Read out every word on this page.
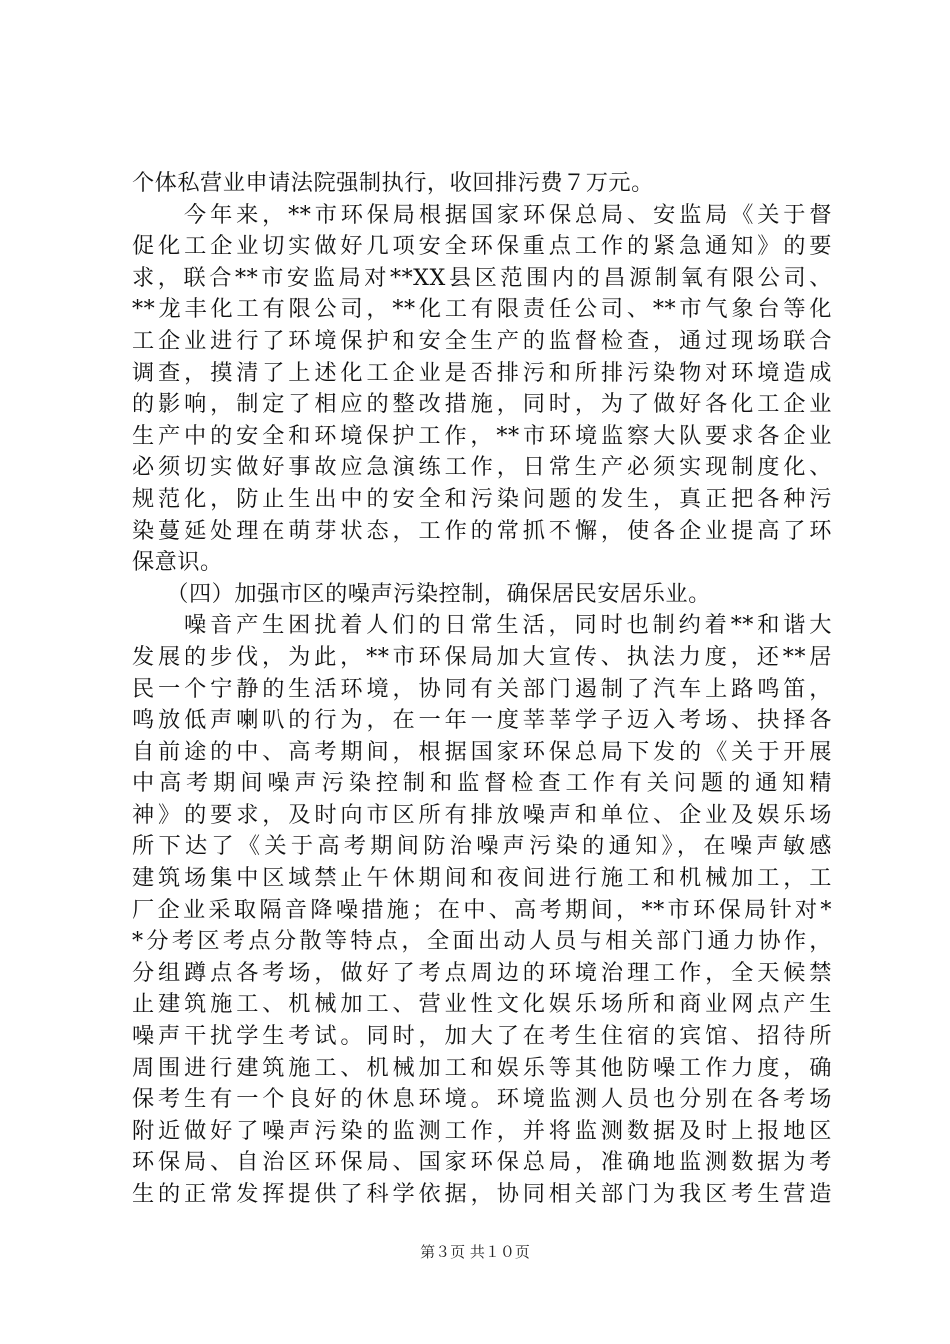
个体私营业申请法院强制执行，收回排污费７万元。
　　今年来，**市环保局根据国家环保总局、安监局《关于督
促化工企业切实做好几项安全环保重点工作的紧急通知》的要
求，联合**市安监局对**XX县区范围内的昌源制氧有限公司、
**龙丰化工有限公司，**化工有限责任公司、**市气象台等化
工企业进行了环境保护和安全生产的监督检查，通过现场联合
调查，摸清了上述化工企业是否排污和所排污染物对环境造成
的影响，制定了相应的整改措施，同时，为了做好各化工企业
生产中的安全和环境保护工作，**市环境监察大队要求各企业
必须切实做好事故应急演练工作，日常生产必须实现制度化、
规范化，防止生出中的安全和污染问题的发生，真正把各种污
染蔓延处理在萌芽状态，工作的常抓不懈，使各企业提高了环
保意识。
　　（四）加强市区的噪声污染控制，确保居民安居乐业。
　　噪音产生困扰着人们的日常生活，同时也制约着**和谐大
发展的步伐，为此，**市环保局加大宣传、执法力度，还**居
民一个宁静的生活环境，协同有关部门遏制了汽车上路鸣笛，
鸣放低声喇叭的行为，在一年一度莘莘学子迈入考场、抉择各
自前途的中、高考期间，根据国家环保总局下发的《关于开展
中高考期间噪声污染控制和监督检查工作有关问题的通知精
神》的要求，及时向市区所有排放噪声和单位、企业及娱乐场
所下达了《关于高考期间防治噪声污染的通知》，在噪声敏感
建筑场集中区域禁止午休期间和夜间进行施工和机械加工，工
厂企业采取隔音降噪措施；在中、高考期间，**市环保局针对*
*分考区考点分散等特点，全面出动人员与相关部门通力协作，
分组蹲点各考场，做好了考点周边的环境治理工作，全天候禁
止建筑施工、机械加工、营业性文化娱乐场所和商业网点产生
噪声干扰学生考试。同时，加大了在考生住宿的宾馆、招待所
周围进行建筑施工、机械加工和娱乐等其他防噪工作力度，确
保考生有一个良好的休息环境。环境监测人员也分别在各考场
附近做好了噪声污染的监测工作，并将监测数据及时上报地区
环保局、自治区环保局、国家环保总局，准确地监测数据为考
生的正常发挥提供了科学依据，协同相关部门为我区考生营造
第３页 共１０页
